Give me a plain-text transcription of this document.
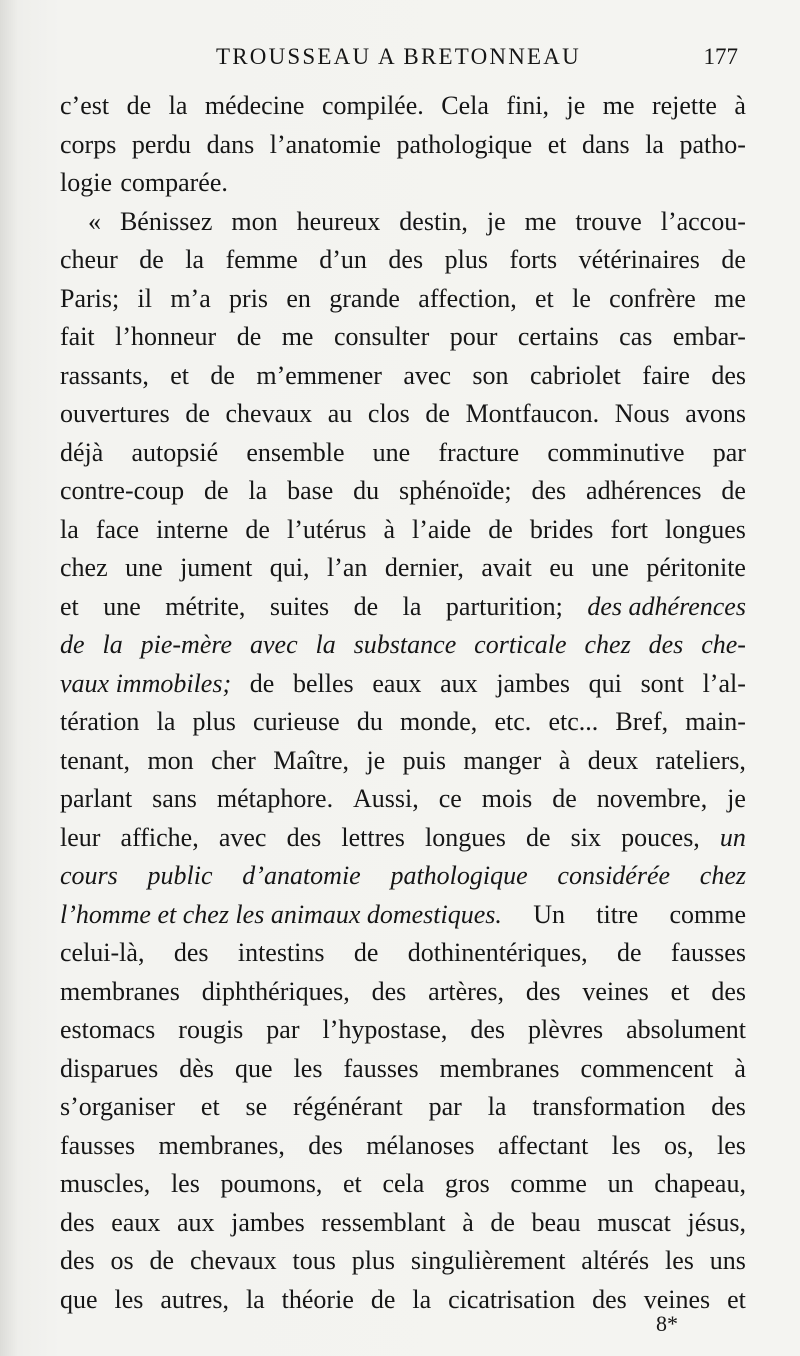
TROUSSEAU A BRETONNEAU	177
c’est de la médecine compilée. Cela fini, je me rejette à
corps perdu dans l’anatomie pathologique et dans la patho-
logie comparée.
« Bénissez mon heureux destin, je me trouve l’accou-
cheur de la femme d’un des plus forts vétérinaires de
Paris; il m’a pris en grande affection, et le confrère me
fait l’honneur de me consulter pour certains cas embar-
rassants, et de m’emmener avec son cabriolet faire des
ouvertures de chevaux au clos de Montfaucon. Nous avons
déjà autopsié ensemble une fracture comminutive par
contre-coup de la base du sphénoïde; des adhérences de
la face interne de l’utérus à l’aide de brides fort longues
chez une jument qui, l’an dernier, avait eu une péritonite
et une métrite, suites de la parturition; des adhérences
de la pie-mère avec la substance corticale chez des che-
vaux immobiles; de belles eaux aux jambes qui sont l’al-
tération la plus curieuse du monde, etc. etc... Bref, main-
tenant, mon cher Maître, je puis manger à deux rateliers,
parlant sans métaphore. Aussi, ce mois de novembre, je
leur affiche, avec des lettres longues de six pouces, un
cours public d’anatomie pathologique considérée chez
l’homme et chez les animaux domestiques. Un titre comme
celui-là, des intestins de dothinentériques, de fausses
membranes diphthériques, des artères, des veines et des
estomacs rougis par l’hypostase, des plèvres absolument
disparues dès que les fausses membranes commencent à
s’organiser et se régénérant par la transformation des
fausses membranes, des mélanoses affectant les os, les
muscles, les poumons, et cela gros comme un chapeau,
des eaux aux jambes ressemblant à de beau muscat jésus,
des os de chevaux tous plus singulièrement altérés les uns
que les autres, la théorie de la cicatrisation des veines et
8*
